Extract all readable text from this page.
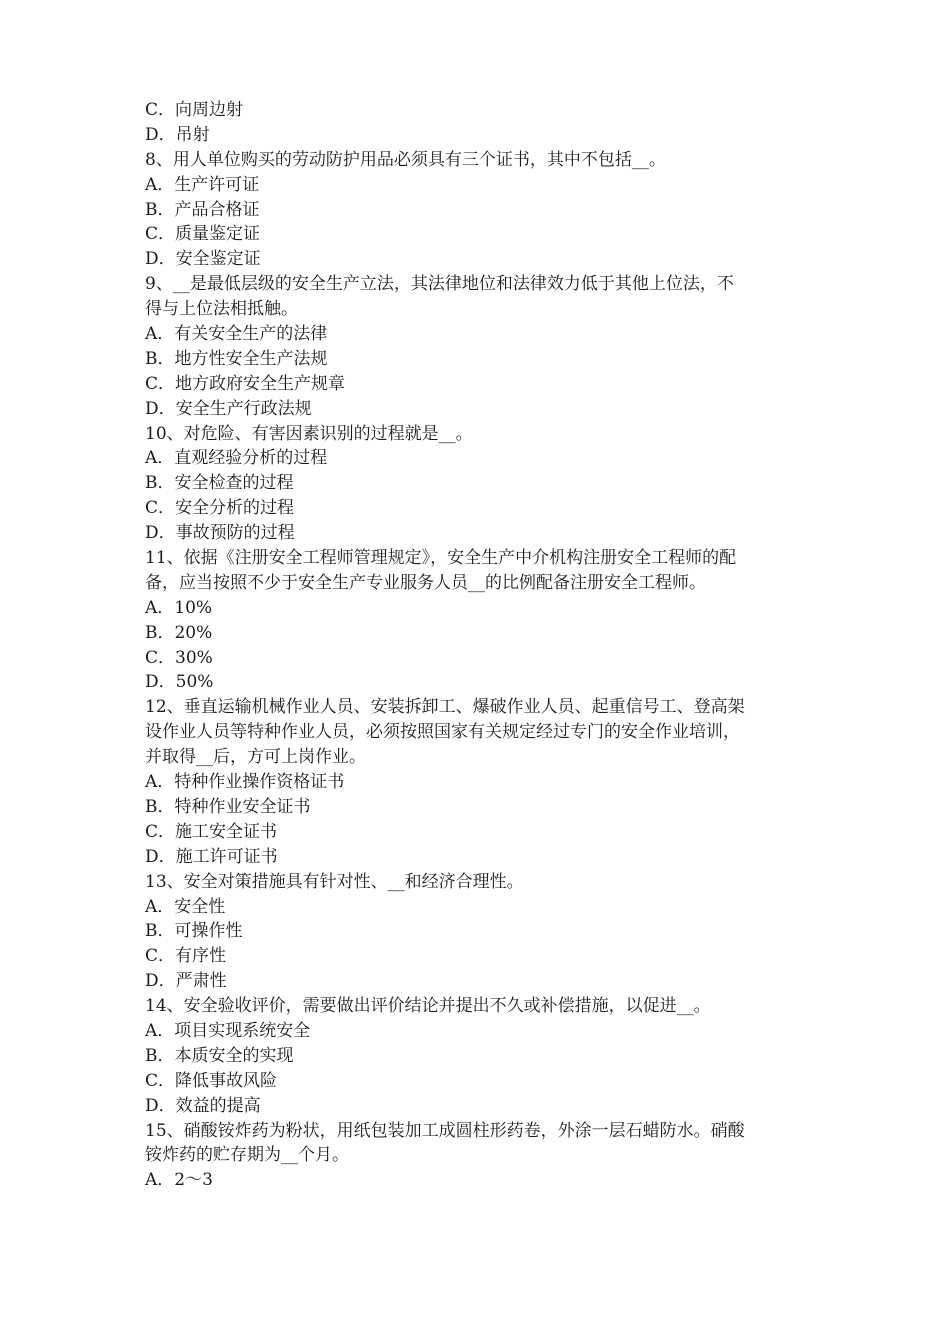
C．向周边射
D．吊射
8、用人单位购买的劳动防护用品必须具有三个证书，其中不包括__。
A．生产许可证
B．产品合格证
C．质量鉴定证
D．安全鉴定证
9、__是最低层级的安全生产立法，其法律地位和法律效力低于其他上位法，不
得与上位法相抵触。
A．有关安全生产的法律
B．地方性安全生产法规
C．地方政府安全生产规章
D．安全生产行政法规
10、对危险、有害因素识别的过程就是__。
A．直观经验分析的过程
B．安全检查的过程
C．安全分析的过程
D．事故预防的过程
11、依据《注册安全工程师管理规定》，安全生产中介机构注册安全工程师的配
备，应当按照不少于安全生产专业服务人员__的比例配备注册安全工程师。
A．10%
B．20%
C．30%
D．50%
12、垂直运输机械作业人员、安装拆卸工、爆破作业人员、起重信号工、登高架
设作业人员等特种作业人员，必须按照国家有关规定经过专门的安全作业培训，
并取得__后，方可上岗作业。
A．特种作业操作资格证书
B．特种作业安全证书
C．施工安全证书
D．施工许可证书
13、安全对策措施具有针对性、__和经济合理性。
A．安全性
B．可操作性
C．有序性
D．严肃性
14、安全验收评价，需要做出评价结论并提出不久或补偿措施，以促进__。
A．项目实现系统安全
B．本质安全的实现
C．降低事故风险
D．效益的提高
15、硝酸铵炸药为粉状，用纸包装加工成圆柱形药卷，外涂一层石蜡防水。硝酸
铵炸药的贮存期为__个月。
A．2～3
